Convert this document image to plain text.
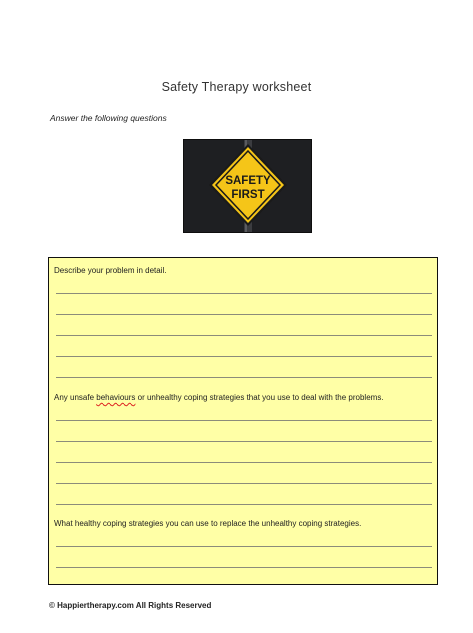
Safety Therapy worksheet
Answer the following questions
SAFETY
FIRST
Describe your problem in detail.
Any unsafe behaviours or unhealthy coping strategies that you use to deal with the problems.
What healthy coping strategies you can use to replace the unhealthy coping strategies.
© Happiertherapy.com All Rights Reserved
